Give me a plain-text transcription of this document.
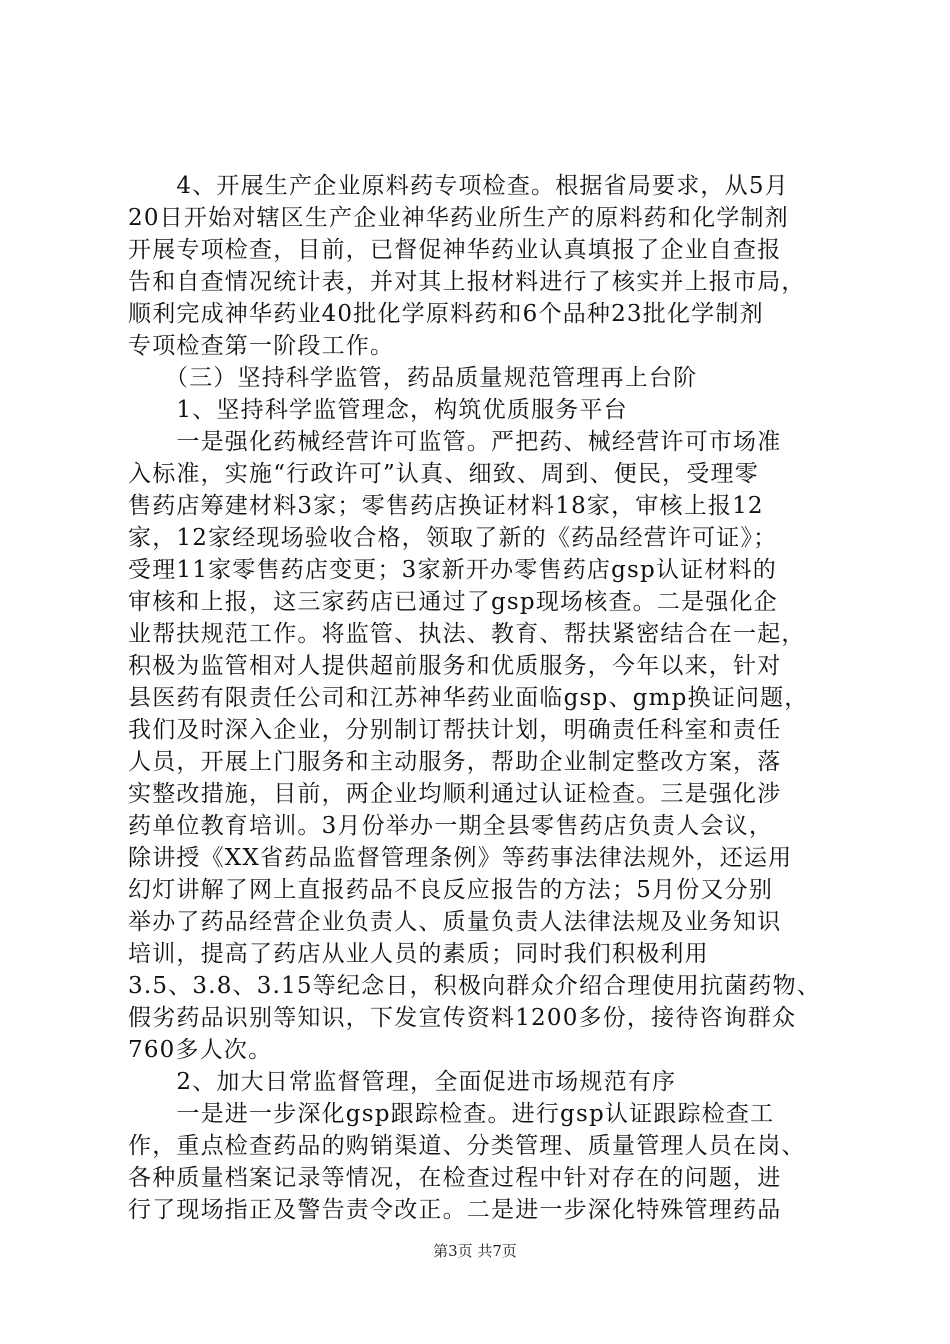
　　4、开展生产企业原料药专项检查。根据省局要求，从5月
20日开始对辖区生产企业神华药业所生产的原料药和化学制剂
开展专项检查，目前，已督促神华药业认真填报了企业自查报
告和自查情况统计表，并对其上报材料进行了核实并上报市局，
顺利完成神华药业40批化学原料药和6个品种23批化学制剂
专项检查第一阶段工作。
　　（三）坚持科学监管，药品质量规范管理再上台阶
　　1、坚持科学监管理念，构筑优质服务平台
　　一是强化药械经营许可监管。严把药、械经营许可市场准
入标准，实施“行政许可”认真、细致、周到、便民，受理零
售药店筹建材料3家；零售药店换证材料18家，审核上报12
家，12家经现场验收合格，领取了新的《药品经营许可证》；
受理11家零售药店变更；3家新开办零售药店gsp认证材料的
审核和上报，这三家药店已通过了gsp现场核查。二是强化企
业帮扶规范工作。将监管、执法、教育、帮扶紧密结合在一起，
积极为监管相对人提供超前服务和优质服务，今年以来，针对
县医药有限责任公司和江苏神华药业面临gsp、gmp换证问题，
我们及时深入企业，分别制订帮扶计划，明确责任科室和责任
人员，开展上门服务和主动服务，帮助企业制定整改方案，落
实整改措施，目前，两企业均顺利通过认证检查。三是强化涉
药单位教育培训。3月份举办一期全县零售药店负责人会议，
除讲授《XX省药品监督管理条例》等药事法律法规外，还运用
幻灯讲解了网上直报药品不良反应报告的方法；5月份又分别
举办了药品经营企业负责人、质量负责人法律法规及业务知识
培训，提高了药店从业人员的素质；同时我们积极利用
3.5、3.8、3.15等纪念日，积极向群众介绍合理使用抗菌药物、
假劣药品识别等知识，下发宣传资料1200多份，接待咨询群众
760多人次。
　　2、加大日常监督管理，全面促进市场规范有序
　　一是进一步深化gsp跟踪检查。进行gsp认证跟踪检查工
作，重点检查药品的购销渠道、分类管理、质量管理人员在岗、
各种质量档案记录等情况，在检查过程中针对存在的问题，进
行了现场指正及警告责令改正。二是进一步深化特殊管理药品
第3页 共7页
